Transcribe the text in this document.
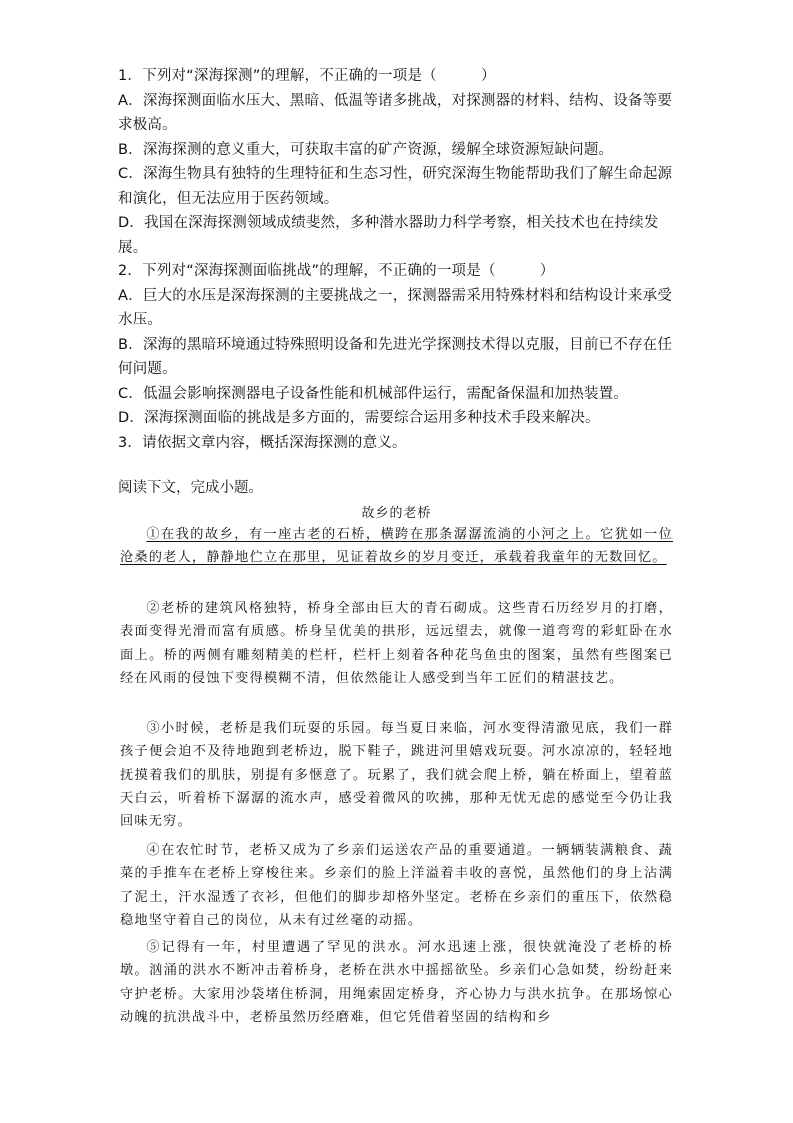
1．下列对“深海探测”的理解，不正确的一项是（　　　）
A．深海探测面临水压大、黑暗、低温等诸多挑战，对探测器的材料、结构、设备等要求极高。
B．深海探测的意义重大，可获取丰富的矿产资源，缓解全球资源短缺问题。
C．深海生物具有独特的生理特征和生态习性，研究深海生物能帮助我们了解生命起源和演化，但无法应用于医药领域。
D．我国在深海探测领域成绩斐然，多种潜水器助力科学考察，相关技术也在持续发展。
2．下列对“深海探测面临挑战”的理解，不正确的一项是（　　　）
A．巨大的水压是深海探测的主要挑战之一，探测器需采用特殊材料和结构设计来承受水压。
B．深海的黑暗环境通过特殊照明设备和先进光学探测技术得以克服，目前已不存在任何问题。
C．低温会影响探测器电子设备性能和机械部件运行，需配备保温和加热装置。
D．深海探测面临的挑战是多方面的，需要综合运用多种技术手段来解决。
3．请依据文章内容，概括深海探测的意义。
阅读下文，完成小题。
故乡的老桥
①在我的故乡，有一座古老的石桥，横跨在那条潺潺流淌的小河之上。它犹如一位沧桑的老人，静静地伫立在那里，见证着故乡的岁月变迁，承载着我童年的无数回忆。
②老桥的建筑风格独特，桥身全部由巨大的青石砌成。这些青石历经岁月的打磨，表面变得光滑而富有质感。桥身呈优美的拱形，远远望去，就像一道弯弯的彩虹卧在水面上。桥的两侧有雕刻精美的栏杆，栏杆上刻着各种花鸟鱼虫的图案，虽然有些图案已经在风雨的侵蚀下变得模糊不清，但依然能让人感受到当年工匠们的精湛技艺。
③小时候，老桥是我们玩耍的乐园。每当夏日来临，河水变得清澈见底，我们一群孩子便会迫不及待地跑到老桥边，脱下鞋子，跳进河里嬉戏玩耍。河水凉凉的，轻轻地抚摸着我们的肌肤，别提有多惬意了。玩累了，我们就会爬上桥，躺在桥面上，望着蓝天白云，听着桥下潺潺的流水声，感受着微风的吹拂，那种无忧无虑的感觉至今仍让我回味无穷。
④在农忙时节，老桥又成为了乡亲们运送农产品的重要通道。一辆辆装满粮食、蔬菜的手推车在老桥上穿梭往来。乡亲们的脸上洋溢着丰收的喜悦，虽然他们的身上沾满了泥土，汗水湿透了衣衫，但他们的脚步却格外坚定。老桥在乡亲们的重压下，依然稳稳地坚守着自己的岗位，从未有过丝毫的动摇。
⑤记得有一年，村里遭遇了罕见的洪水。河水迅速上涨，很快就淹没了老桥的桥墩。汹涌的洪水不断冲击着桥身，老桥在洪水中摇摇欲坠。乡亲们心急如焚，纷纷赶来守护老桥。大家用沙袋堵住桥洞，用绳索固定桥身，齐心协力与洪水抗争。在那场惊心动魄的抗洪战斗中，老桥虽然历经磨难，但它凭借着坚固的结构和乡
